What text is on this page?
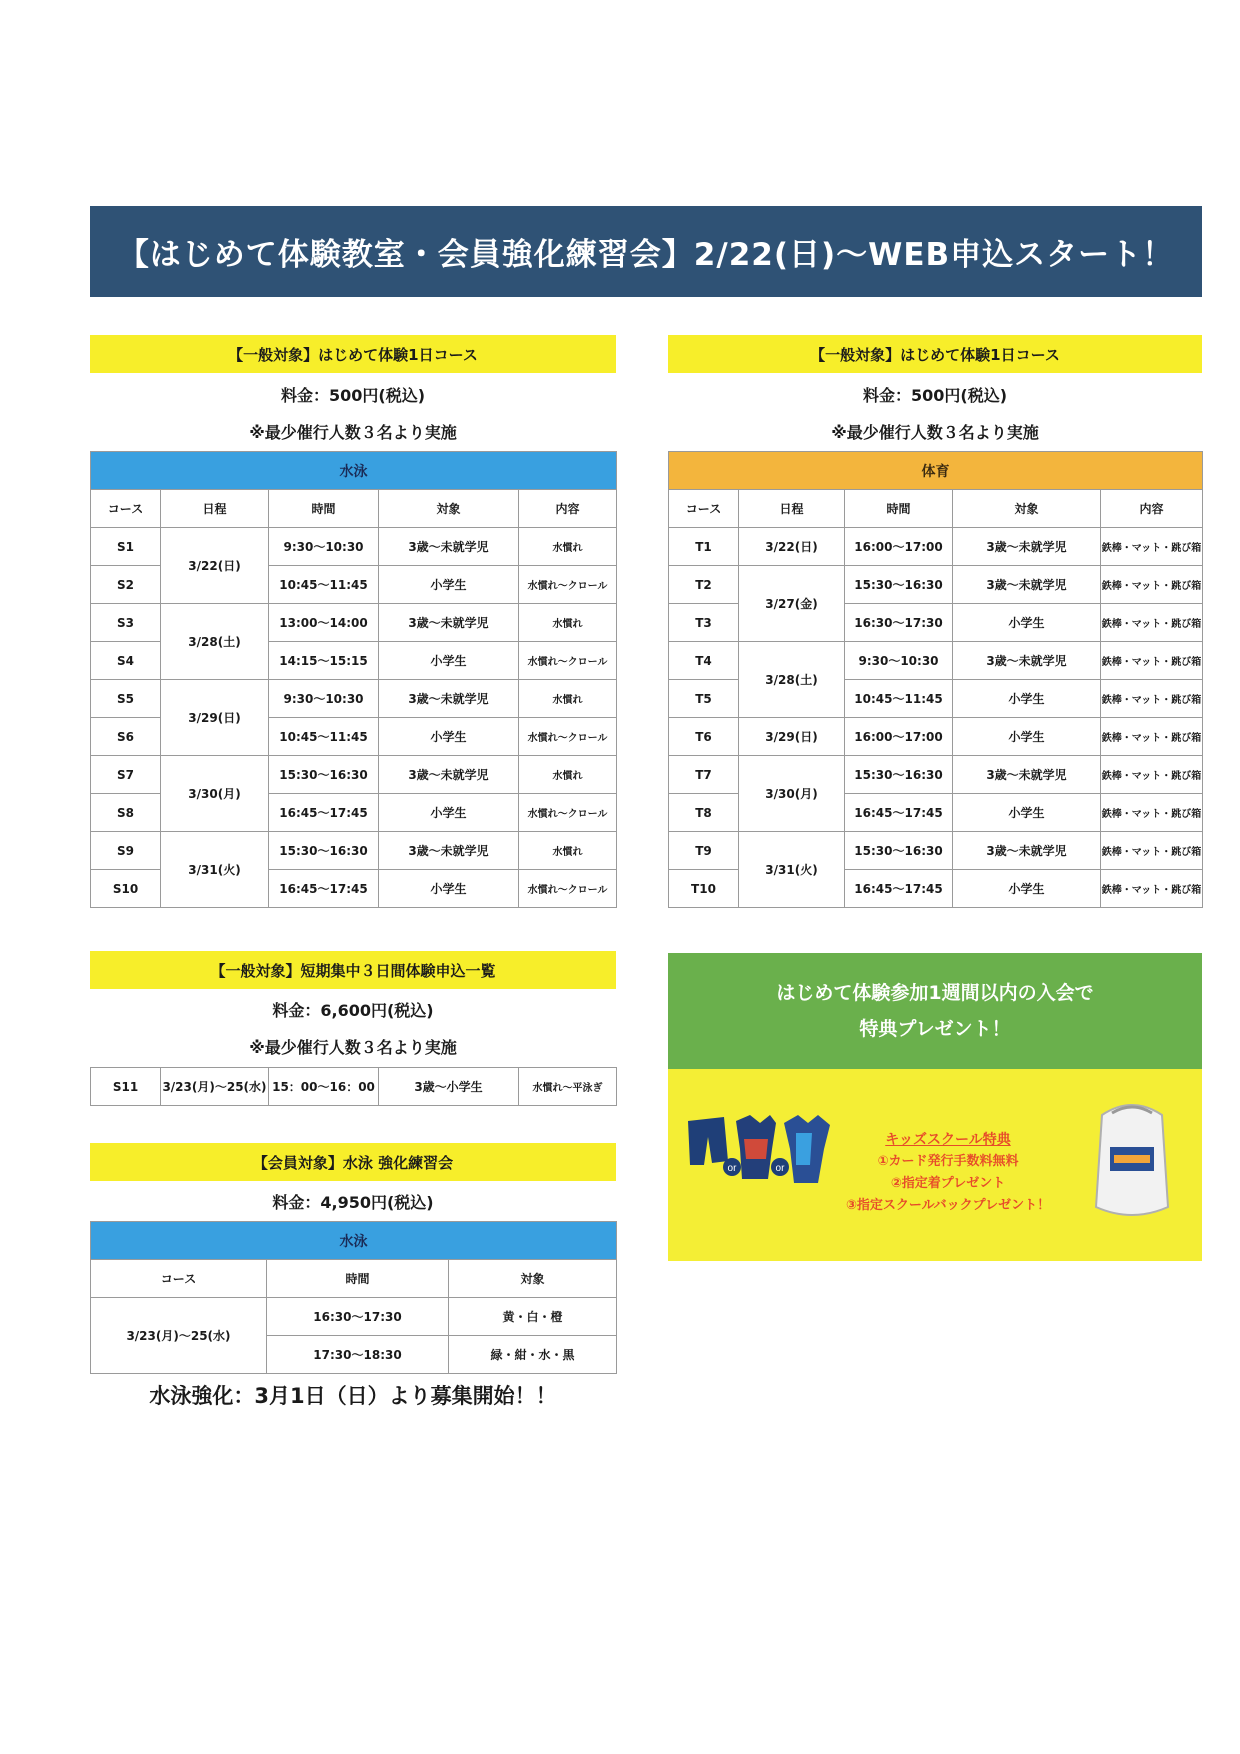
【はじめて体験教室・会員強化練習会】2/22(日)～WEB申込スタート！
【一般対象】はじめて体験1日コース
料金：500円(税込)
※最少催行人数３名より実施
水泳				
コース	日程	時間	対象	内容
S1	3/22(日)	9:30～10:30	3歳～未就学児	水慣れ
S2		10:45～11:45	小学生	水慣れ～クロール
S3	3/28(土)	13:00～14:00	3歳～未就学児	水慣れ
S4		14:15～15:15	小学生	水慣れ～クロール
S5	3/29(日)	9:30～10:30	3歳～未就学児	水慣れ
S6		10:45～11:45	小学生	水慣れ～クロール
S7	3/30(月)	15:30～16:30	3歳～未就学児	水慣れ
S8		16:45～17:45	小学生	水慣れ～クロール
S9	3/31(火)	15:30～16:30	3歳～未就学児	水慣れ
S10		16:45～17:45	小学生	水慣れ～クロール
【一般対象】はじめて体験1日コース
料金：500円(税込)
※最少催行人数３名より実施
体育				
コース	日程	時間	対象	内容
T1	3/22(日)	16:00～17:00	3歳～未就学児	鉄棒・マット・跳び箱
T2	3/27(金)	15:30～16:30	3歳～未就学児	鉄棒・マット・跳び箱
T3		16:30～17:30	小学生	鉄棒・マット・跳び箱
T4	3/28(土)	9:30～10:30	3歳～未就学児	鉄棒・マット・跳び箱
T5		10:45～11:45	小学生	鉄棒・マット・跳び箱
T6	3/29(日)	16:00～17:00	小学生	鉄棒・マット・跳び箱
T7	3/30(月)	15:30～16:30	3歳～未就学児	鉄棒・マット・跳び箱
T8		16:45～17:45	小学生	鉄棒・マット・跳び箱
T9	3/31(火)	15:30～16:30	3歳～未就学児	鉄棒・マット・跳び箱
T10		16:45～17:45	小学生	鉄棒・マット・跳び箱
【一般対象】短期集中３日間体験申込一覧
料金：6,600円(税込)
※最少催行人数３名より実施
S11	3/23(月)～25(水)	15：00～16：00	3歳～小学生	水慣れ～平泳ぎ
【会員対象】水泳 強化練習会
料金：4,950円(税込)
水泳		
コース	時間	対象
3/23(月)～25(水)	16:30～17:30	黄・白・橙
	17:30～18:30	緑・紺・水・黒
水泳強化：3月1日（日）より募集開始！！
はじめて体験参加1週間以内の入会で
特典プレゼント！
or	or
キッズスクール特典
①カード発行手数料無料
②指定着プレゼント
③指定スクールバックプレゼント！
